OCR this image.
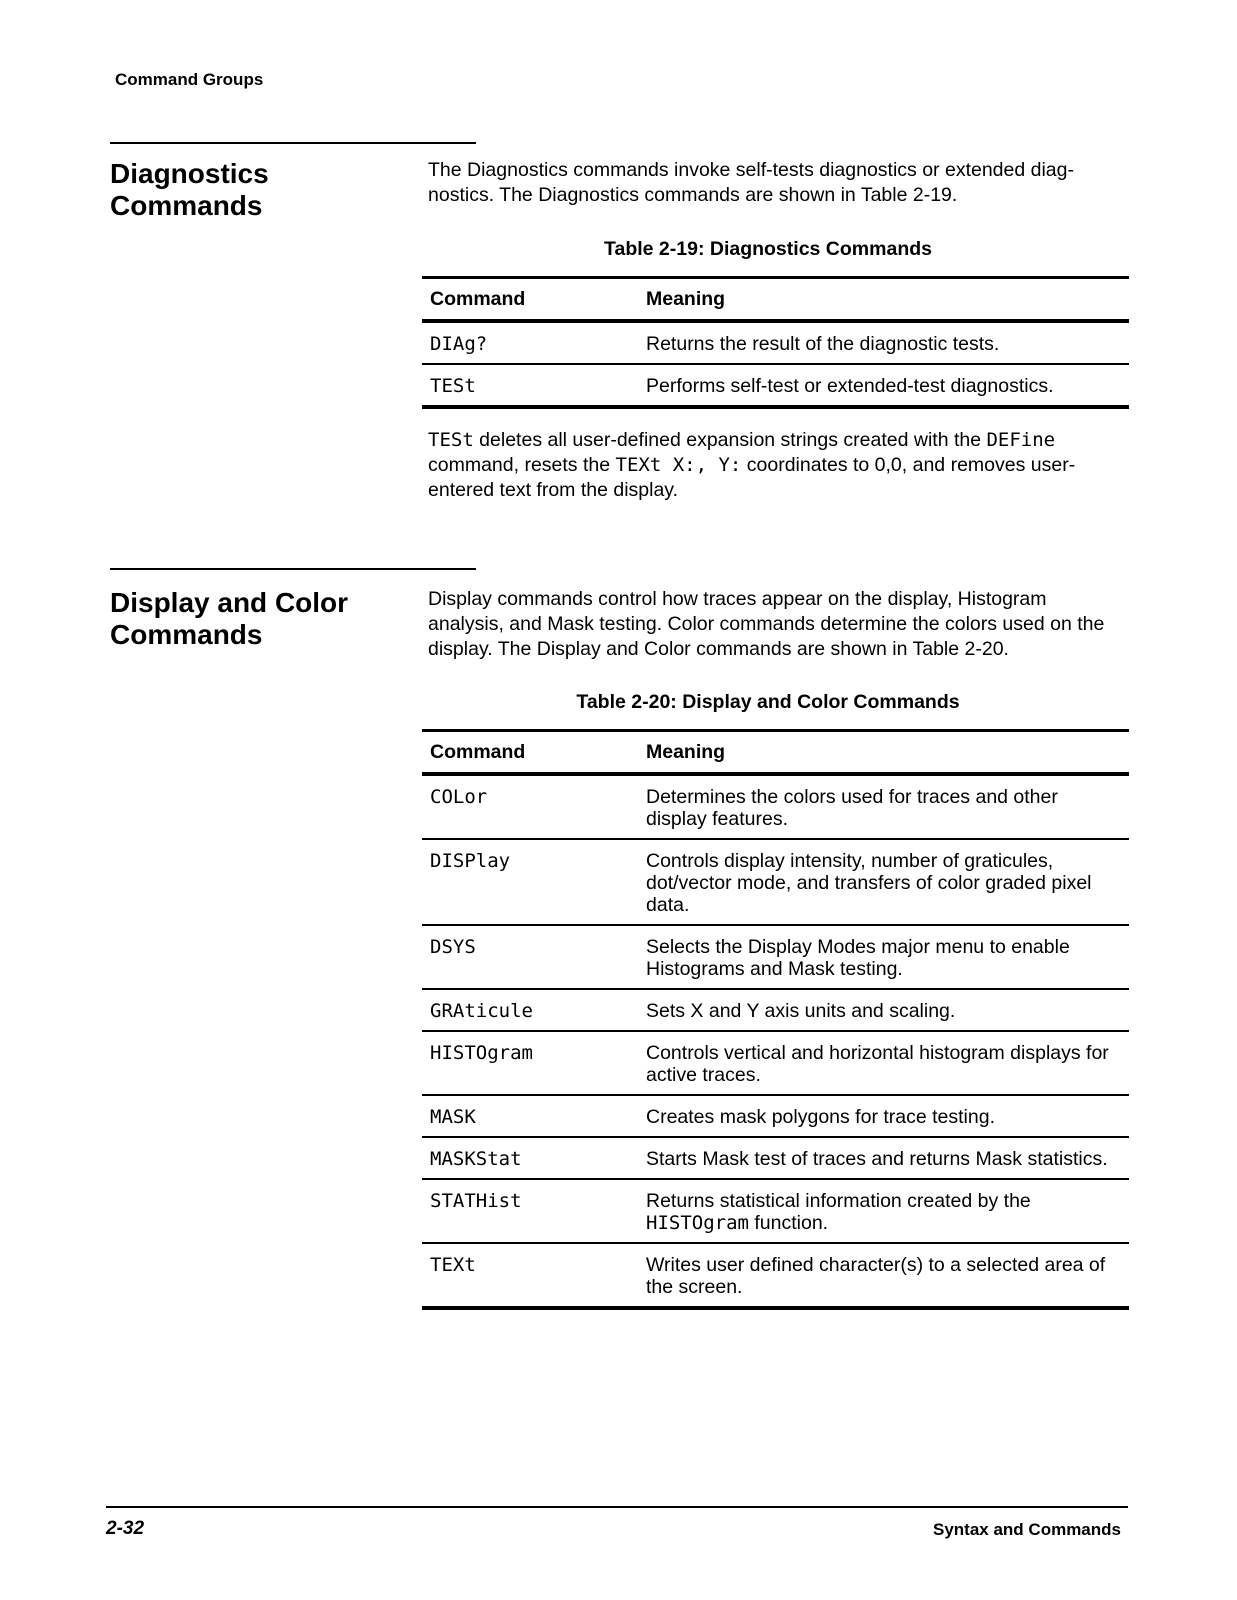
Command Groups
Diagnostics
Commands

The Diagnostics commands invoke self-tests diagnostics or extended diag-nostics. The Diagnostics commands are shown in Table 2-19.

Table 2-19: Diagnostics Commands
Command	Meaning
DIAg?	Returns the result of the diagnostic tests.
TESt	Performs self-test or extended-test diagnostics.

TESt deletes all user-defined expansion strings created with the DEFine command, resets the TEXt X:, Y: coordinates to 0,0, and removes user-entered text from the display.

Display and Color
Commands

Display commands control how traces appear on the display, Histogram analysis, and Mask testing. Color commands determine the colors used on the display. The Display and Color commands are shown in Table 2-20.

Table 2-20: Display and Color Commands
Command	Meaning
COLor	Determines the colors used for traces and other display features.
DISPlay	Controls display intensity, number of graticules, dot/vector mode, and transfers of color graded pixel data.
DSYS	Selects the Display Modes major menu to enable Histograms and Mask testing.
GRAticule	Sets X and Y axis units and scaling.
HISTOgram	Controls vertical and horizontal histogram displays for active traces.
MASK	Creates mask polygons for trace testing.
MASKStat	Starts Mask test of traces and returns Mask statistics.
STATHist	Returns statistical information created by the HISTOgram function.
TEXt	Writes user defined character(s) to a selected area of the screen.
2-32	Syntax and Commands
